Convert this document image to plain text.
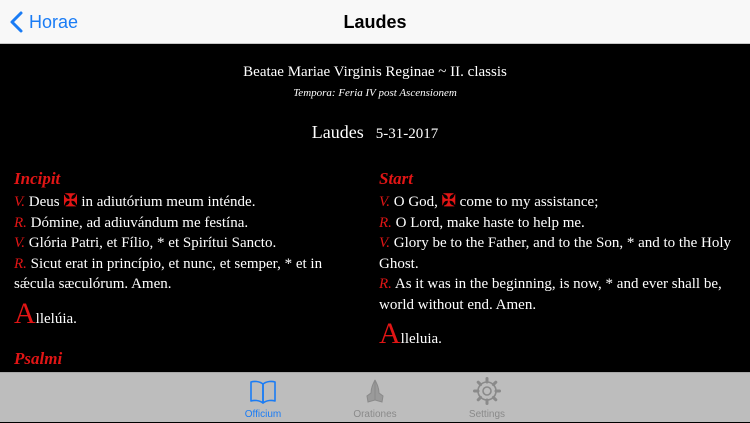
Horae	Laudes
Beatae Mariae Virginis Reginae ~ II. classis
Tempora: Feria IV post Ascensionem
Laudes 5-31-2017
Incipit
V. Deus ✠ in adiutórium meum inténde.
R. Dómine, ad adiuvándum me festína.
V. Glória Patri, et Fílio, * et Spirítui Sancto.
R. Sicut erat in princípio, et nunc, et semper, * et in sǽcula sæculórum. Amen.
Allelúia.
Psalmi
Start
V. O God, ✠ come to my assistance;
R. O Lord, make haste to help me.
V. Glory be to the Father, and to the Son, * and to the Holy Ghost.
R. As it was in the beginning, is now, * and ever shall be, world without end. Amen.
Alleluia.
Officium	Orationes	Settings
